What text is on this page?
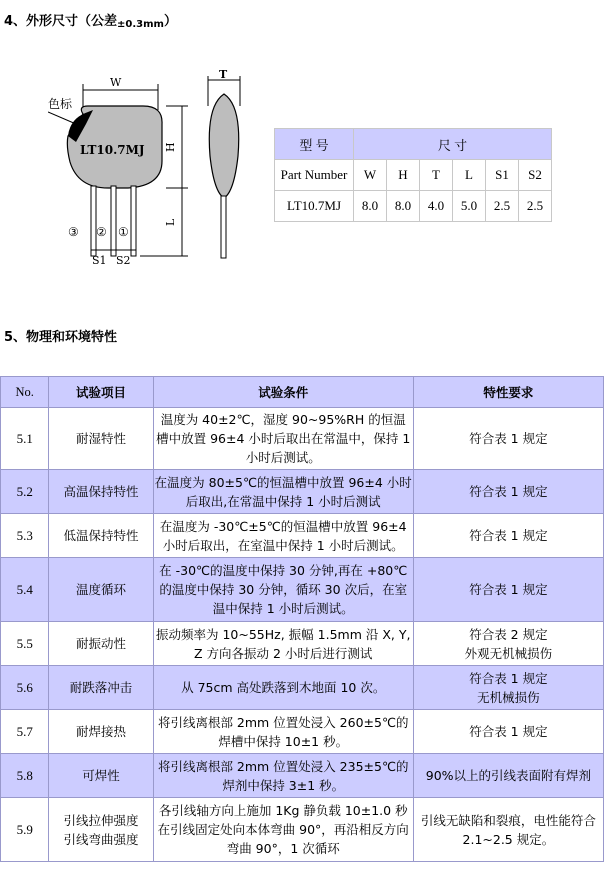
4、外形尺寸（公差±0.3mm）
W
LT10.7MJ
色标
③ ② ①
S1 S2
H
L
T
型 号	尺 寸					
Part Number	W	H	T	L	S1	S2
LT10.7MJ	8.0	8.0	4.0	5.0	2.5	2.5
5、物理和环境特性
No.	试验项目	试验条件	特性要求
5.1	耐湿特性	温度为 40±2℃，湿度 90~95%RH 的恒温槽中放置 96±4 小时后取出在常温中，保持 1 小时后测试。	符合表 1 规定
5.2	高温保持特性	在温度为 80±5℃的恒温槽中放置 96±4 小时后取出,在常温中保持 1 小时后测试	符合表 1 规定
5.3	低温保持特性	在温度为 -30℃±5℃的恒温槽中放置 96±4 小时后取出，在室温中保持 1 小时后测试。	符合表 1 规定
5.4	温度循环	在 -30℃的温度中保持 30 分钟,再在 +80℃的温度中保持 30 分钟，循环 30 次后，在室温中保持 1 小时后测试。	符合表 1 规定
5.5	耐振动性	振动频率为 10~55Hz, 振幅 1.5mm 沿 X, Y, Z 方向各振动 2 小时后进行测试	符合表 2 规定
外观无机械损伤

5.6	耐跌落冲击	从 75cm 高处跌落到木地面 10 次。	符合表 1 规定
无机械损伤

5.7	耐焊接热	将引线离根部 2mm 位置处浸入 260±5℃的焊槽中保持 10±1 秒。	符合表 1 规定
5.8	可焊性	将引线离根部 2mm 位置处浸入 235±5℃的焊剂中保持 3±1 秒。	90%以上的引线表面附有焊剂
5.9	引线拉伸强度
引线弯曲强度	各引线轴方向上施加 1Kg 静负载 10±1.0 秒在引线固定处向本体弯曲 90°，再沿相反方向弯曲 90°，1 次循环	引线无缺陷和裂痕，电性能符合 2.1~2.5 规定。
